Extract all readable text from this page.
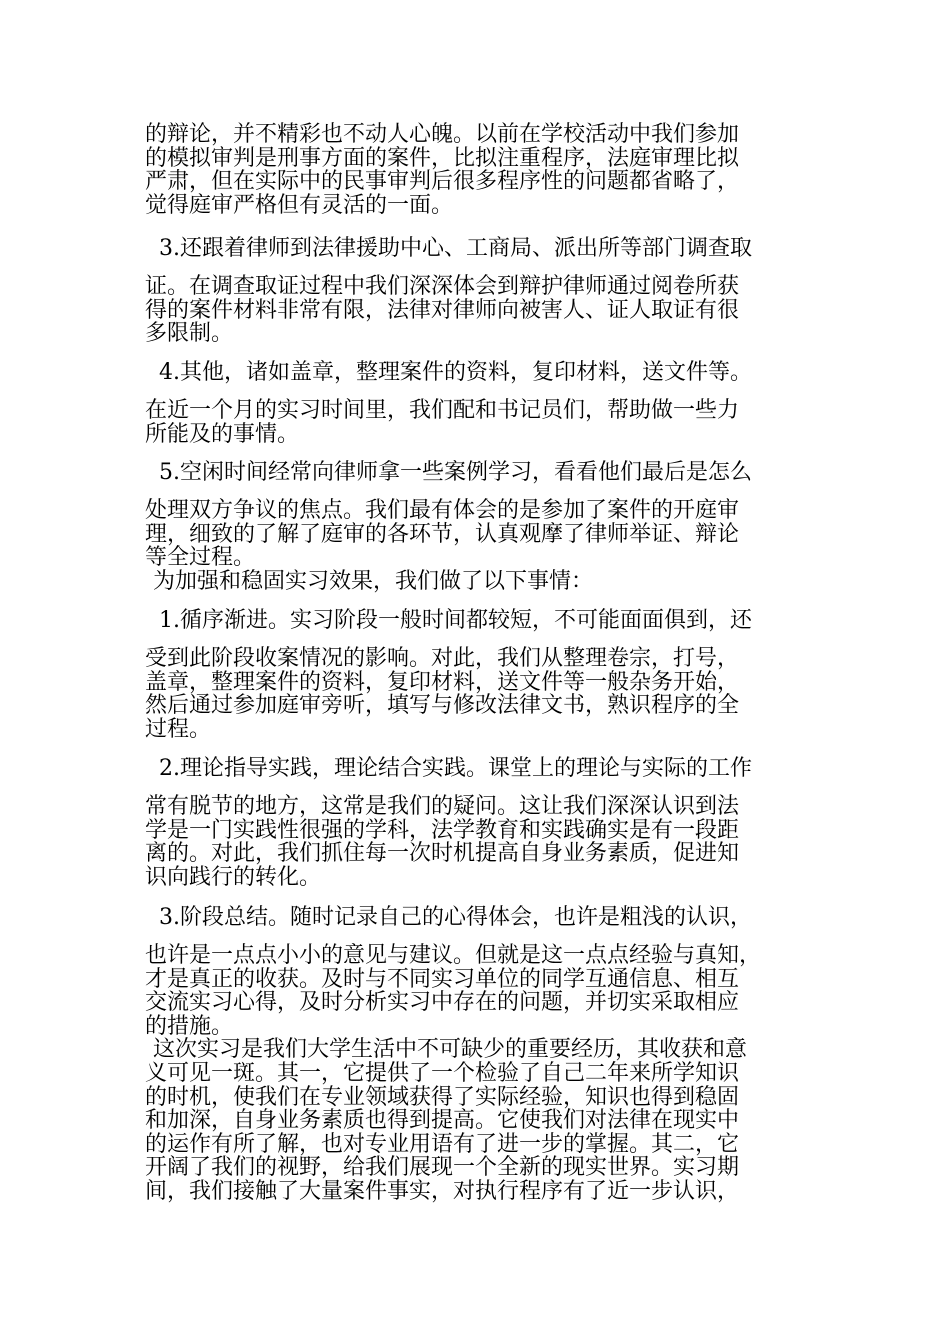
的辩论，并不精彩也不动人心魄。以前在学校活动中我们参加
的模拟审判是刑事方面的案件，比拟注重程序，法庭审理比拟
严肃，但在实际中的民事审判后很多程序性的问题都省略了，
觉得庭审严格但有灵活的一面。
3.还跟着律师到法律援助中心、工商局、派出所等部门调查取
证。在调查取证过程中我们深深体会到辩护律师通过阅卷所获
得的案件材料非常有限，法律对律师向被害人、证人取证有很
多限制。
4.其他，诸如盖章，整理案件的资料，复印材料，送文件等。
在近一个月的实习时间里，我们配和书记员们，帮助做一些力
所能及的事情。
5.空闲时间经常向律师拿一些案例学习，看看他们最后是怎么
处理双方争议的焦点。我们最有体会的是参加了案件的开庭审
理，细致的了解了庭审的各环节，认真观摩了律师举证、辩论
等全过程。
为加强和稳固实习效果，我们做了以下事情：
1.循序渐进。实习阶段一般时间都较短，不可能面面俱到，还
受到此阶段收案情况的影响。对此，我们从整理卷宗，打号，
盖章，整理案件的资料，复印材料，送文件等一般杂务开始，
然后通过参加庭审旁听，填写与修改法律文书，熟识程序的全
过程。
2.理论指导实践，理论结合实践。课堂上的理论与实际的工作
常有脱节的地方，这常是我们的疑问。这让我们深深认识到法
学是一门实践性很强的学科，法学教育和实践确实是有一段距
离的。对此，我们抓住每一次时机提高自身业务素质，促进知
识向践行的转化。
3.阶段总结。随时记录自己的心得体会，也许是粗浅的认识，
也许是一点点小小的意见与建议。但就是这一点点经验与真知，
才是真正的收获。及时与不同实习单位的同学互通信息、相互
交流实习心得，及时分析实习中存在的问题，并切实采取相应
的措施。
这次实习是我们大学生活中不可缺少的重要经历，其收获和意
义可见一斑。其一，它提供了一个检验了自己二年来所学知识
的时机，使我们在专业领域获得了实际经验，知识也得到稳固
和加深，自身业务素质也得到提高。它使我们对法律在现实中
的运作有所了解，也对专业用语有了进一步的掌握。其二，它
开阔了我们的视野，给我们展现一个全新的现实世界。实习期
间，我们接触了大量案件事实，对执行程序有了近一步认识，
